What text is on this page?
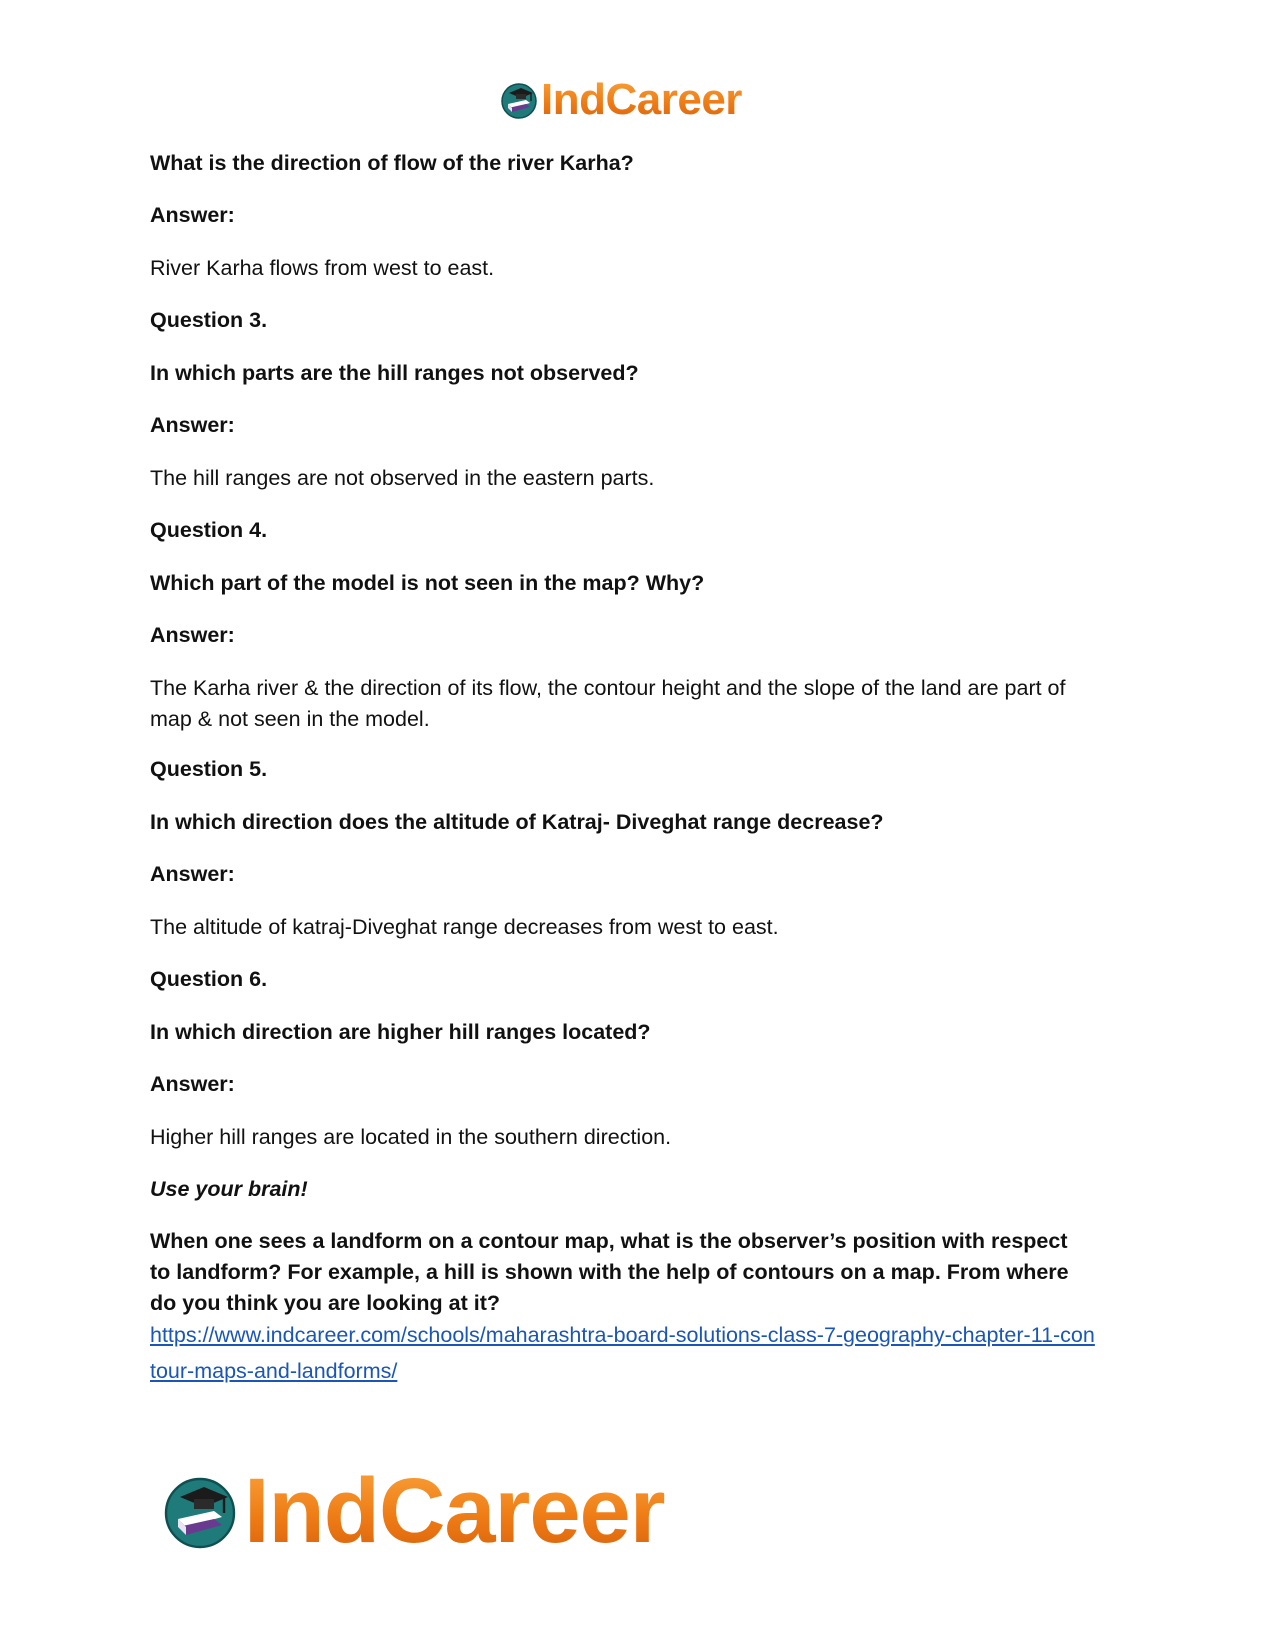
IndCareer

What is the direction of flow of the river Karha?

Answer:

River Karha flows from west to east.

Question 3.

In which parts are the hill ranges not observed?

Answer:

The hill ranges are not observed in the eastern parts.

Question 4.

Which part of the model is not seen in the map? Why?

Answer:

The Karha river & the direction of its flow, the contour height and the slope of the land are part of map & not seen in the model.

Question 5.

In which direction does the altitude of Katraj- Diveghat range decrease?

Answer:

The altitude of katraj-Diveghat range decreases from west to east.

Question 6.

In which direction are higher hill ranges located?

Answer:

Higher hill ranges are located in the southern direction.

Use your brain!

When one sees a landform on a contour map, what is the observer’s position with respect to landform? For example, a hill is shown with the help of contours on a map. From where do you think you are looking at it?

https://www.indcareer.com/schools/maharashtra-board-solutions-class-7-geography-chapter-11-contour-maps-and-landforms/
IndCareer
